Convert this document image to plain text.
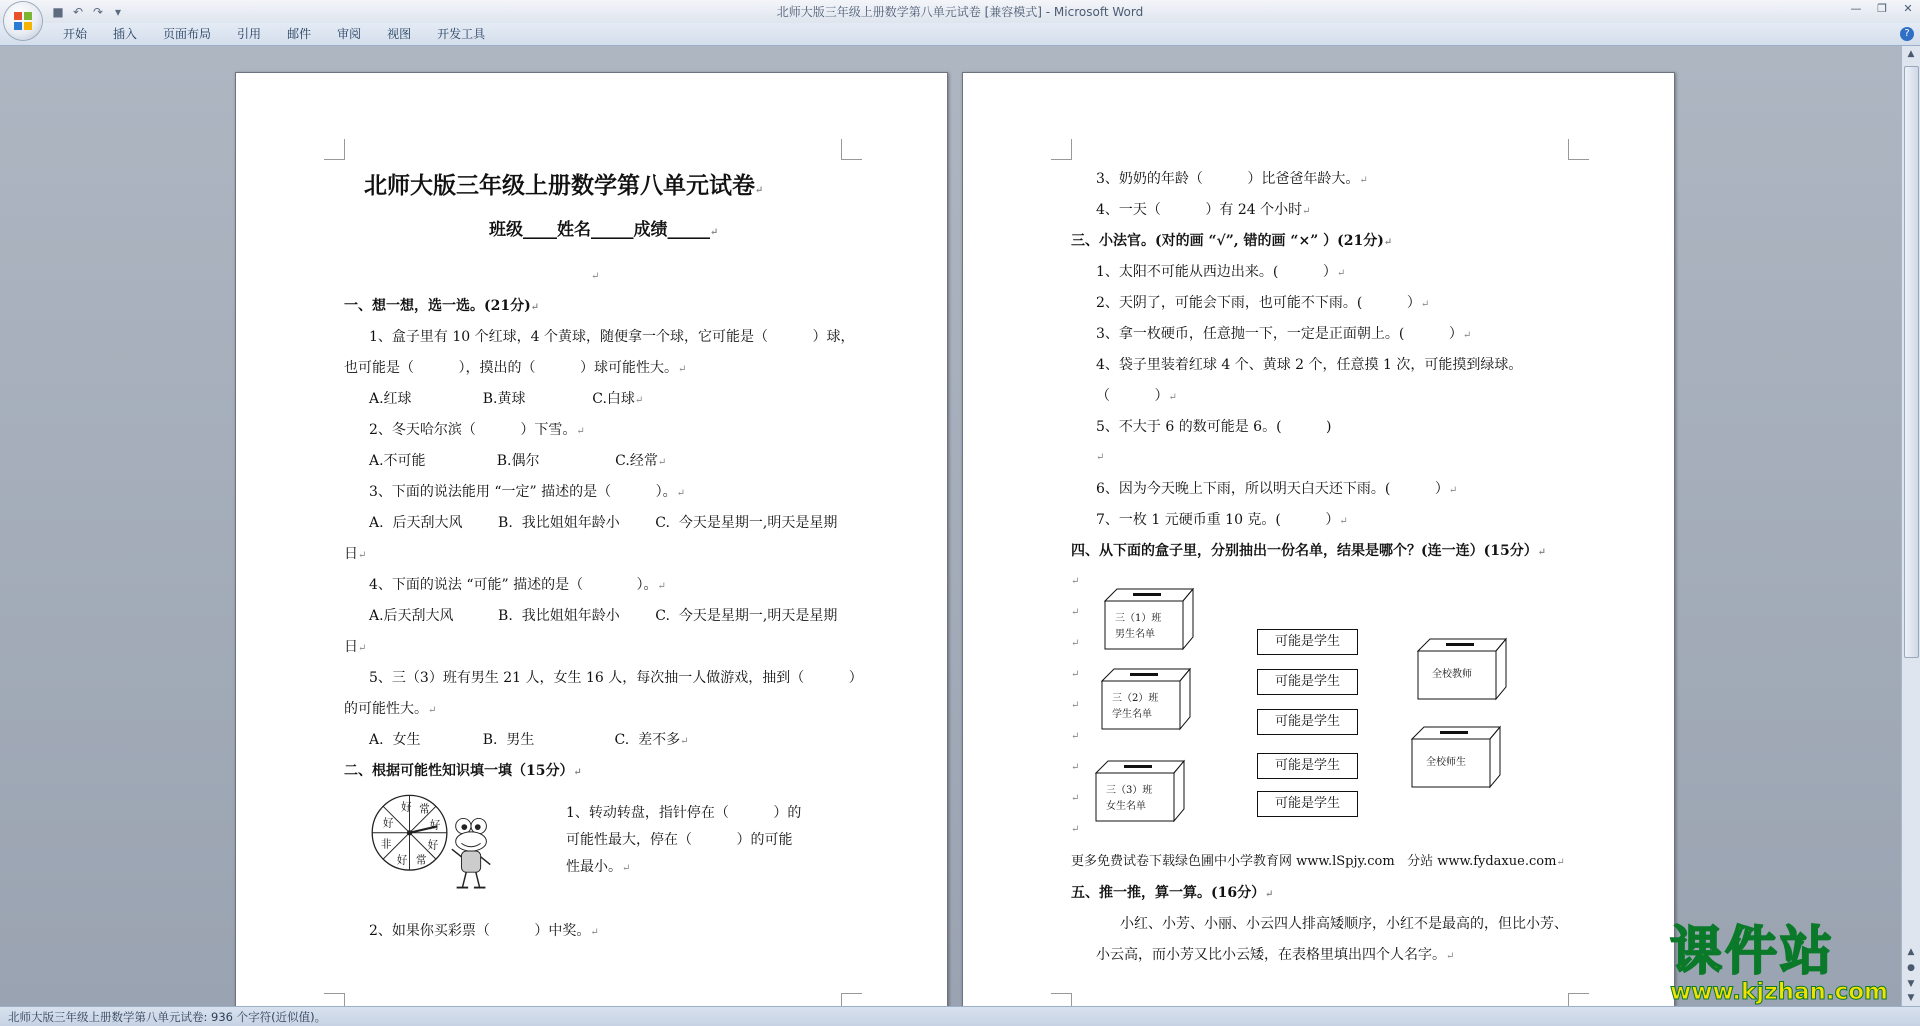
■ ↶ ↷ ▾	北师大版三年级上册数学第八单元试卷 [兼容模式] - Microsoft Word	— ❐ ✕
开始	插入	页面布局	引用	邮件	审阅	视图	开发工具	?
北师大版三年级上册数学第八单元试卷↵
班级____姓名_____成绩_____↵
↵
一、想一想，选一选。(21分)↵
1、盒子里有 10 个红球，4 个黄球，随便拿一个球，它可能是（          ）球，
也可能是（          ），摸出的（          ）球可能性大。↵
A.红球                B.黄球               C.白球↵
2、冬天哈尔滨（          ）下雪。↵
A.不可能                B.偶尔                 C.经常↵
3、下面的说法能用 “一定” 描述的是（          ）。↵
A.  后天刮大风        B.  我比姐姐年龄小        C.  今天是星期一,明天是星期
日↵
4、下面的说法 “可能” 描述的是（            ）。↵
A.后天刮大风          B.  我比姐姐年龄小        C.  今天是星期一,明天是星期
日↵
5、三（3）班有男生 21 人，女生 16 人，每次抽一人做游戏，抽到（          ）
的可能性大。↵
A.  女生              B.  男生                  C.  差不多↵
二、根据可能性知识填一填（15分）↵
好 常
好
好
常
好
非
好
1、转动转盘，指针停在（          ）的
可能性最大，停在（          ）的可能
性最小。↵
2、如果你买彩票（          ）中奖。↵
3、奶奶的年龄（          ）比爸爸年龄大。↵
4、一天（          ）有 24 个小时↵
三、小法官。(对的画 “√”, 错的画 “×” ）(21分)↵
1、太阳不可能从西边出来。(          ）↵
2、天阴了，可能会下雨，也可能不下雨。(          ）↵
3、拿一枚硬币，任意抛一下，一定是正面朝上。(          ）↵
4、袋子里装着红球 4 个、黄球 2 个，任意摸 1 次，可能摸到绿球。
（          ）↵
5、不大于 6 的数可能是 6。(          )
↵
6、因为今天晚上下雨，所以明天白天还下雨。(          ）↵
7、一枚 1 元硬币重 10 克。(          ）↵
四、从下面的盒子里，分别抽出一份名单，结果是哪个？(连一连）(15分）↵
↵
↵
↵
↵
↵
↵
↵
↵
↵
三（1）班
男生名单
三（2）班
学生名单
三（3）班
女生名单
全校教师
全校师生
可能是学生
可能是学生
可能是学生
可能是学生
可能是学生
更多免费试卷下载绿色圃中小学教育网 www.lSpjy.com   分站 www.fydaxue.com↵
五、推一推，算一算。(16分）↵
小红、小芳、小丽、小云四人排高矮顺序，小红不是最高的，但比小芳、
小云高，而小芳又比小云矮，在表格里填出四个人名字。↵
▲
▲
●
▼
▼
课件站
www.kjzhan.com
北师大版三年级上册数学第八单元试卷: 936 个字符(近似值)。
